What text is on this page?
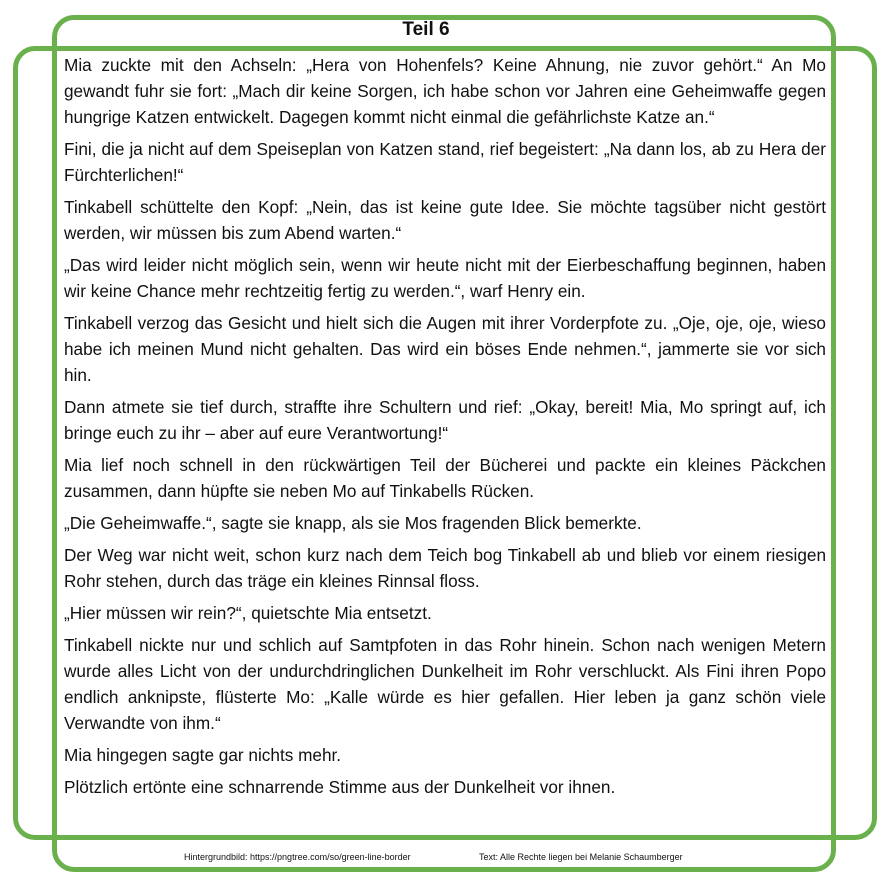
Teil 6

Mia zuckte mit den Achseln: „Hera von Hohenfels? Keine Ahnung, nie zuvor gehört.“ An Mo gewandt fuhr sie fort: „Mach dir keine Sorgen, ich habe schon vor Jahren eine Geheimwaffe gegen hungrige Katzen entwickelt. Dagegen kommt nicht einmal die gefährlichste Katze an.“

Fini, die ja nicht auf dem Speiseplan von Katzen stand, rief begeistert: „Na dann los, ab zu Hera der Fürchterlichen!“

Tinkabell schüttelte den Kopf: „Nein, das ist keine gute Idee. Sie möchte tagsüber nicht gestört werden, wir müssen bis zum Abend warten.“

„Das wird leider nicht möglich sein, wenn wir heute nicht mit der Eierbeschaffung beginnen, haben wir keine Chance mehr rechtzeitig fertig zu werden.“, warf Henry ein.

Tinkabell verzog das Gesicht und hielt sich die Augen mit ihrer Vorderpfote zu. „Oje, oje, oje, wieso habe ich meinen Mund nicht gehalten. Das wird ein böses Ende nehmen.“, jammerte sie vor sich hin.

Dann atmete sie tief durch, straffte ihre Schultern und rief: „Okay, bereit! Mia, Mo springt auf, ich bringe euch zu ihr – aber auf eure Verantwortung!“

Mia lief noch schnell in den rückwärtigen Teil der Bücherei und packte ein kleines Päckchen zusammen, dann hüpfte sie neben Mo auf Tinkabells Rücken.

„Die Geheimwaffe.“, sagte sie knapp, als sie Mos fragenden Blick bemerkte.

Der Weg war nicht weit, schon kurz nach dem Teich bog Tinkabell ab und blieb vor einem riesigen Rohr stehen, durch das träge ein kleines Rinnsal floss.

„Hier müssen wir rein?“, quietschte Mia entsetzt.

Tinkabell nickte nur und schlich auf Samtpfoten in das Rohr hinein. Schon nach wenigen Metern wurde alles Licht von der undurchdringlichen Dunkelheit im Rohr verschluckt. Als Fini ihren Popo endlich anknipste, flüsterte Mo: „Kalle würde es hier gefallen. Hier leben ja ganz schön viele Verwandte von ihm.“

Mia hingegen sagte gar nichts mehr.

Plötzlich ertönte eine schnarrende Stimme aus der Dunkelheit vor ihnen.

Hintergrundbild: https://pngtree.com/so/green-line-border	Text: Alle Rechte liegen bei Melanie Schaumberger
